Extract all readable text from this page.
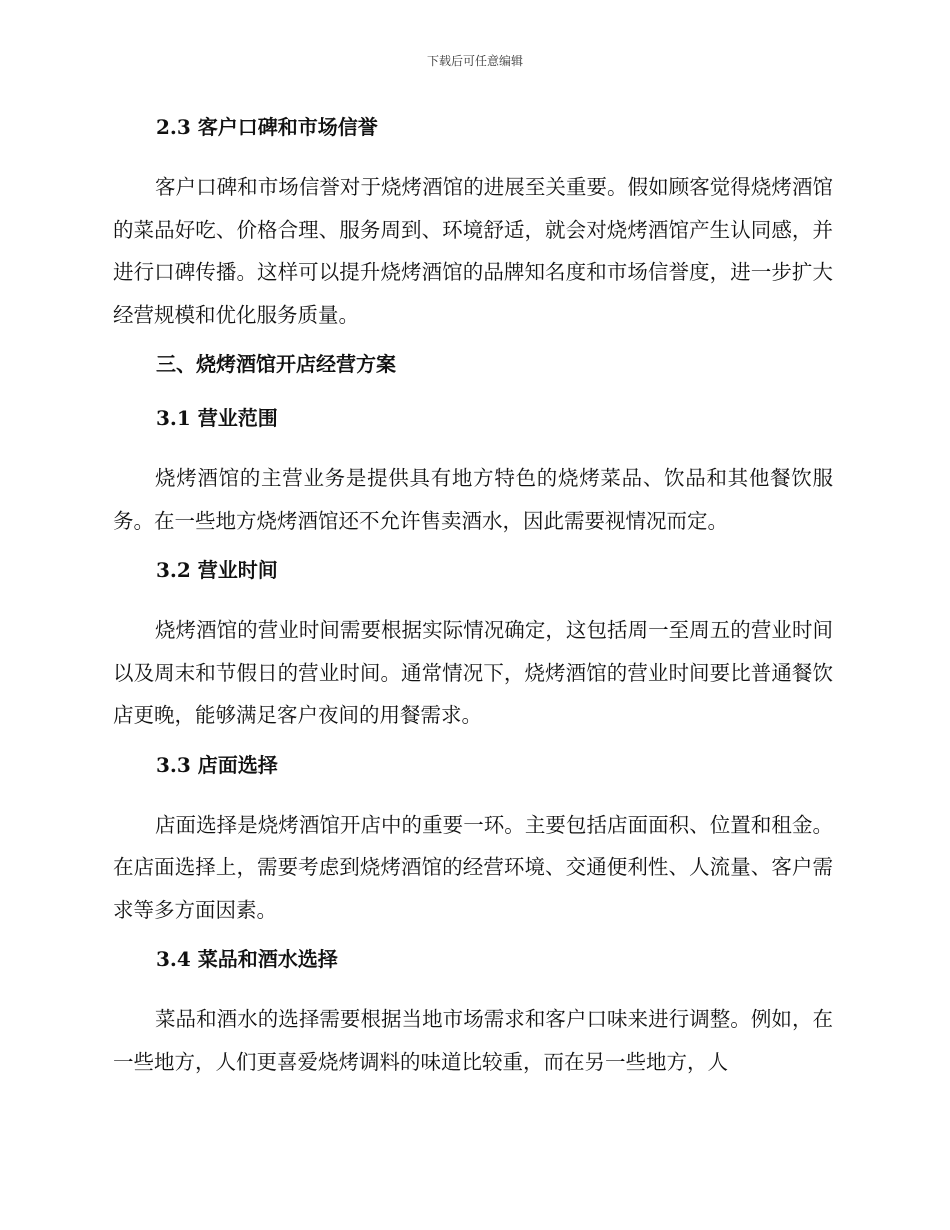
下载后可任意编辑
2.3 客户口碑和市场信誉
客户口碑和市场信誉对于烧烤酒馆的进展至关重要。假如顾客觉得烧烤酒馆的菜品好吃、价格合理、服务周到、环境舒适，就会对烧烤酒馆产生认同感，并进行口碑传播。这样可以提升烧烤酒馆的品牌知名度和市场信誉度，进一步扩大经营规模和优化服务质量。
三、烧烤酒馆开店经营方案
3.1 营业范围
烧烤酒馆的主营业务是提供具有地方特色的烧烤菜品、饮品和其他餐饮服务。在一些地方烧烤酒馆还不允许售卖酒水，因此需要视情况而定。
3.2 营业时间
烧烤酒馆的营业时间需要根据实际情况确定，这包括周一至周五的营业时间以及周末和节假日的营业时间。通常情况下，烧烤酒馆的营业时间要比普通餐饮店更晚，能够满足客户夜间的用餐需求。
3.3 店面选择
店面选择是烧烤酒馆开店中的重要一环。主要包括店面面积、位置和租金。在店面选择上，需要考虑到烧烤酒馆的经营环境、交通便利性、人流量、客户需求等多方面因素。
3.4 菜品和酒水选择
菜品和酒水的选择需要根据当地市场需求和客户口味来进行调整。例如，在一些地方，人们更喜爱烧烤调料的味道比较重，而在另一些地方，人
